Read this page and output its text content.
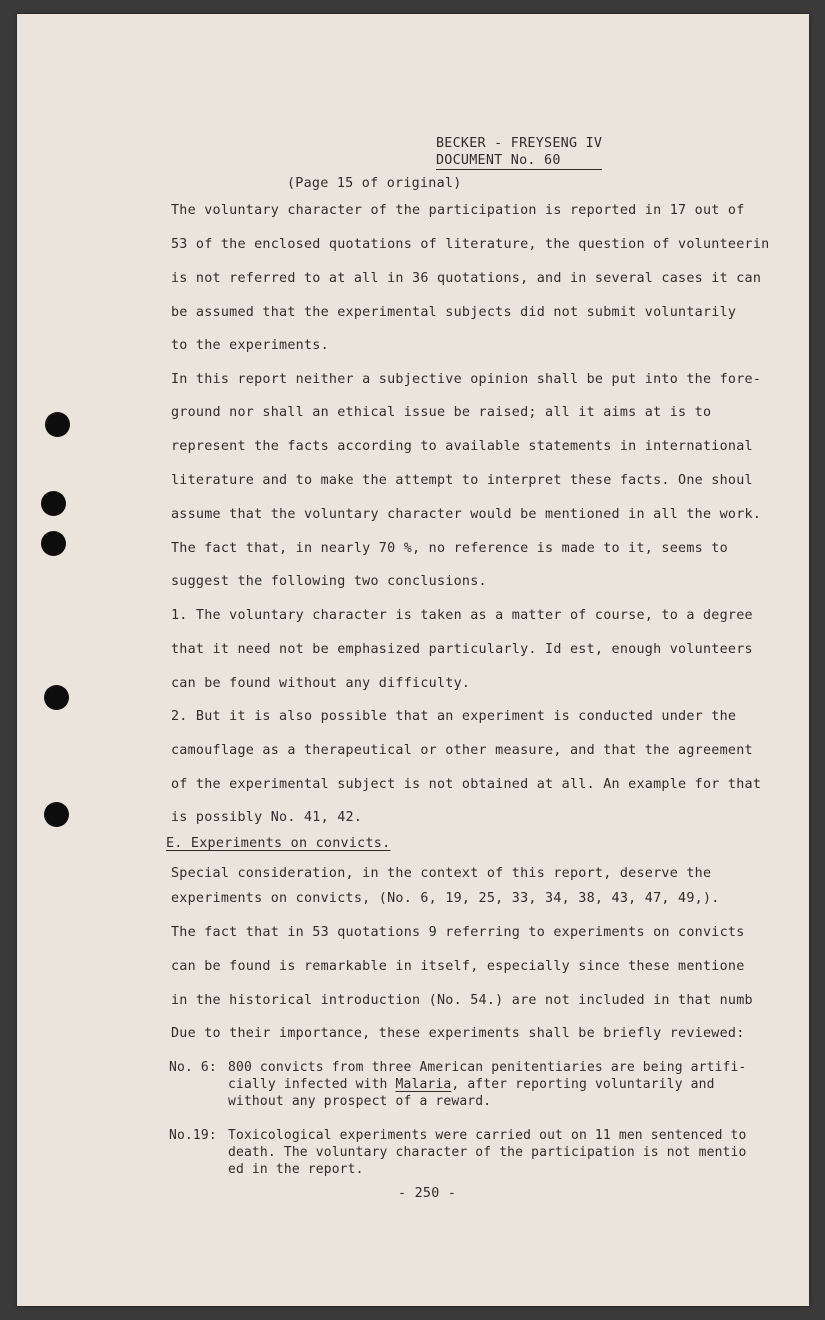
BECKER - FREYSENG IV
DOCUMENT No. 60
(Page 15 of original)
The voluntary character of the participation is reported in 17 out of
53 of the enclosed quotations of literature, the question of volunteerin
is not referred to at all in 36 quotations, and in several cases it can
be assumed that the experimental subjects did not submit voluntarily
to the experiments.
In this report neither a subjective opinion shall be put into the fore-
ground nor shall an ethical issue be raised; all it aims at is to
represent the facts according to available statements in international
literature and to make the attempt to interpret these facts. One shoul
assume that the voluntary character would be mentioned in all the work.
The fact that, in nearly 70 %, no reference is made to it, seems to
suggest the following two conclusions.
1. The voluntary character is taken as a matter of course, to a degree
that it need not be emphasized particularly. Id est, enough volunteers
can be found without any difficulty.
2. But it is also possible that an experiment is conducted under the
camouflage as a therapeutical or other measure, and that the agreement
of the experimental subject is not obtained at all. An example for that
is possibly No. 41, 42.
E. Experiments on convicts.
Special consideration, in the context of this report, deserve the
experiments on convicts, (No. 6, 19, 25, 33, 34, 38, 43, 47, 49,).
The fact that in 53 quotations 9 referring to experiments on convicts
can be found is remarkable in itself, especially since these mentione
in the historical introduction (No. 54.) are not included in that numb
Due to their importance, these experiments shall be briefly reviewed:
No. 6: 800 convicts from three American penitentiaries are being artifi-
cially infected with Malaria, after reporting voluntarily and
without any prospect of a reward.
No.19: Toxicological experiments were carried out on 11 men sentenced to
death. The voluntary character of the participation is not mentio
ed in the report.
- 250 -
